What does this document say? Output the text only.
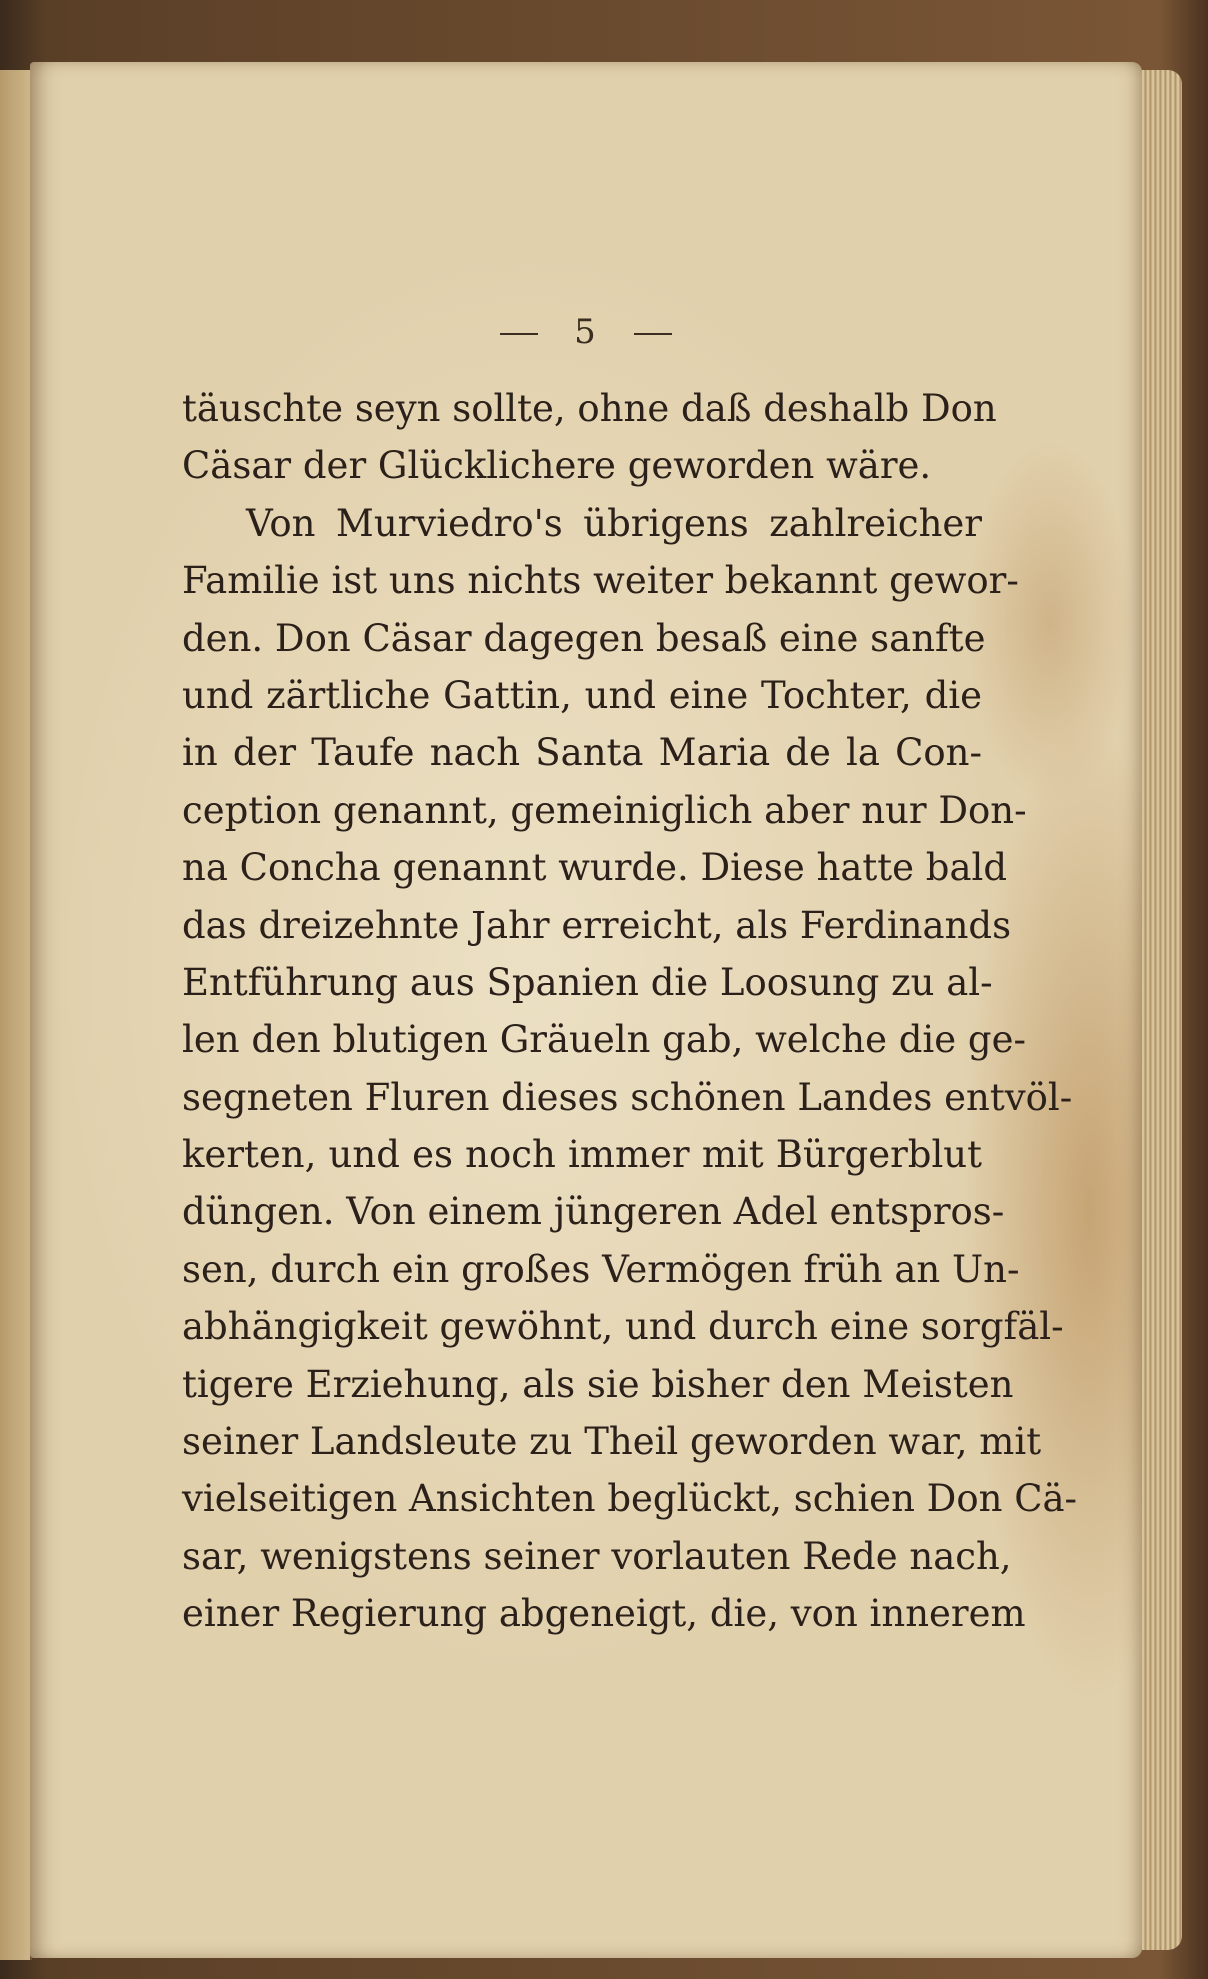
5
täuschte seyn sollte, ohne daß deshalb Don
Cäsar der Glücklichere geworden wäre.
Von Murviedro's übrigens zahlreicher
Familie ist uns nichts weiter bekannt gewor-
den. Don Cäsar dagegen besaß eine sanfte
und zärtliche Gattin, und eine Tochter, die
in der Taufe nach Santa Maria de la Con-
ception genannt, gemeiniglich aber nur Don-
na Concha genannt wurde. Diese hatte bald
das dreizehnte Jahr erreicht, als Ferdinands
Entführung aus Spanien die Loosung zu al-
len den blutigen Gräueln gab, welche die ge-
segneten Fluren dieses schönen Landes entvöl-
kerten, und es noch immer mit Bürgerblut
düngen. Von einem jüngeren Adel entspros-
sen, durch ein großes Vermögen früh an Un-
abhängigkeit gewöhnt, und durch eine sorgfäl-
tigere Erziehung, als sie bisher den Meisten
seiner Landsleute zu Theil geworden war, mit
vielseitigen Ansichten beglückt, schien Don Cä-
sar, wenigstens seiner vorlauten Rede nach,
einer Regierung abgeneigt, die, von innerem
